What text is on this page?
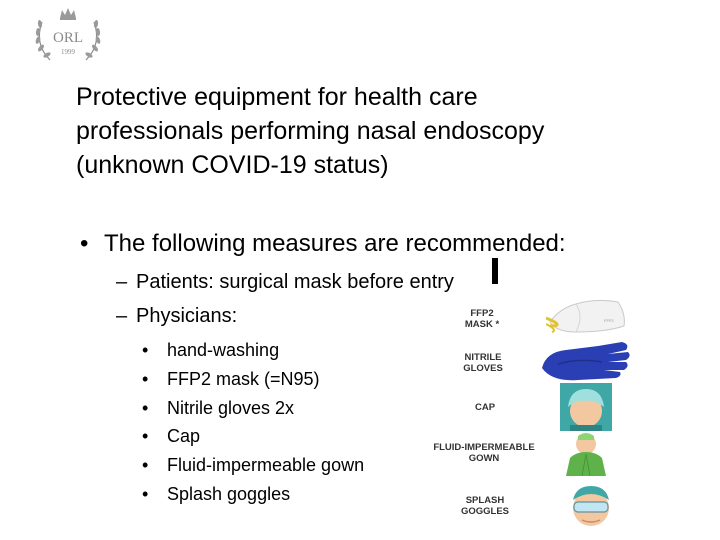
ORL
1999
Protective equipment for health care
professionals performing nasal endoscopy
(unknown COVID-19 status)
• The following measures are recommended:
– Patients: surgical mask before entry
– Physicians:
• hand-washing
• FFP2 mask (=N95)
• Nitrile gloves 2x
• Cap
• Fluid-impermeable gown
• Splash goggles
FFP2
MASK *
NITRILE
GLOVES
CAP
FLUID-IMPERMEABLE
GOWN
SPLASH
GOGGLES
FFP2
